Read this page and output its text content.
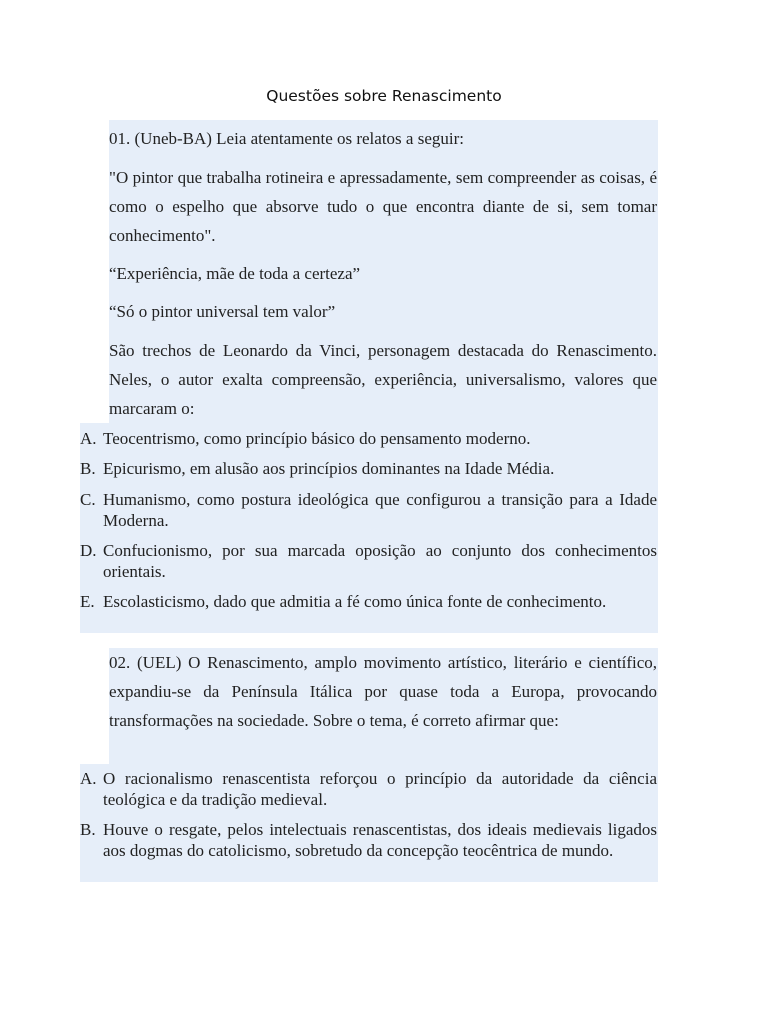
Questões sobre Renascimento

01. (Uneb-BA) Leia atentamente os relatos a seguir:

"O pintor que trabalha rotineira e apressadamente, sem compreender as coisas, é como o espelho que absorve tudo o que encontra diante de si, sem tomar conhecimento".

“Experiência, mãe de toda a certeza”

“Só o pintor universal tem valor”

São trechos de Leonardo da Vinci, personagem destacada do Renascimento. Neles, o autor exalta compreensão, experiência, universalismo, valores que marcaram o:

A. Teocentrismo, como princípio básico do pensamento moderno.
B. Epicurismo, em alusão aos princípios dominantes na Idade Média.
C. Humanismo, como postura ideológica que configurou a transição para a Idade Moderna.
D. Confucionismo, por sua marcada oposição ao conjunto dos conhecimentos orientais.
E. Escolasticismo, dado que admitia a fé como única fonte de conhecimento.

02. (UEL) O Renascimento, amplo movimento artístico, literário e científico, expandiu-se da Península Itálica por quase toda a Europa, provocando transformações na sociedade. Sobre o tema, é correto afirmar que:

A. O racionalismo renascentista reforçou o princípio da autoridade da ciência teológica e da tradição medieval.
B. Houve o resgate, pelos intelectuais renascentistas, dos ideais medievais ligados aos dogmas do catolicismo, sobretudo da concepção teocêntrica de mundo.
